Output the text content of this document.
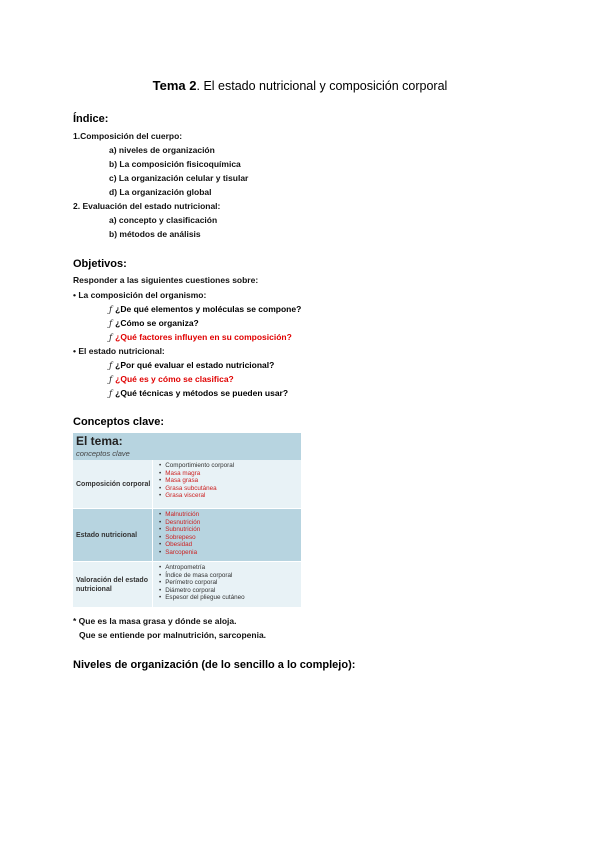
Tema 2. El estado nutricional y composición corporal
Índice:
1.Composición del cuerpo:
a) niveles de organización
b) La composición fisicoquímica
c) La organización celular y tisular
d) La organización global
2. Evaluación del estado nutricional:
a) concepto y clasificación
b) métodos de análisis
Objetivos:
Responder a las siguientes cuestiones sobre:
• La composición del organismo:
ƒ ¿De qué elementos y moléculas se compone?
ƒ ¿Cómo se organiza?
ƒ ¿Qué factores influyen en su composición?
• El estado nutricional:
ƒ ¿Por qué evaluar el estado nutricional?
ƒ ¿Qué es y cómo se clasifica?
ƒ ¿Qué técnicas y métodos se pueden usar?
Conceptos clave:
El tema:
conceptos clave
Composición corporal
• Comportimiento corporal
• Masa magra
• Masa grasa
• Grasa subcutánea
• Grasa visceral
Estado nutricional
• Malnutrición
• Desnutrición
• Subnutrición
• Sobrepeso
• Obesidad
• Sarcopenia
Valoración del estado nutricional
• Antropometría
• Índice de masa corporal
• Perímetro corporal
• Diámetro corporal
• Espesor del pliegue cutáneo
* Que es la masa grasa y dónde se aloja.
Que se entiende por malnutrición, sarcopenia.
Niveles de organización (de lo sencillo a lo complejo):
